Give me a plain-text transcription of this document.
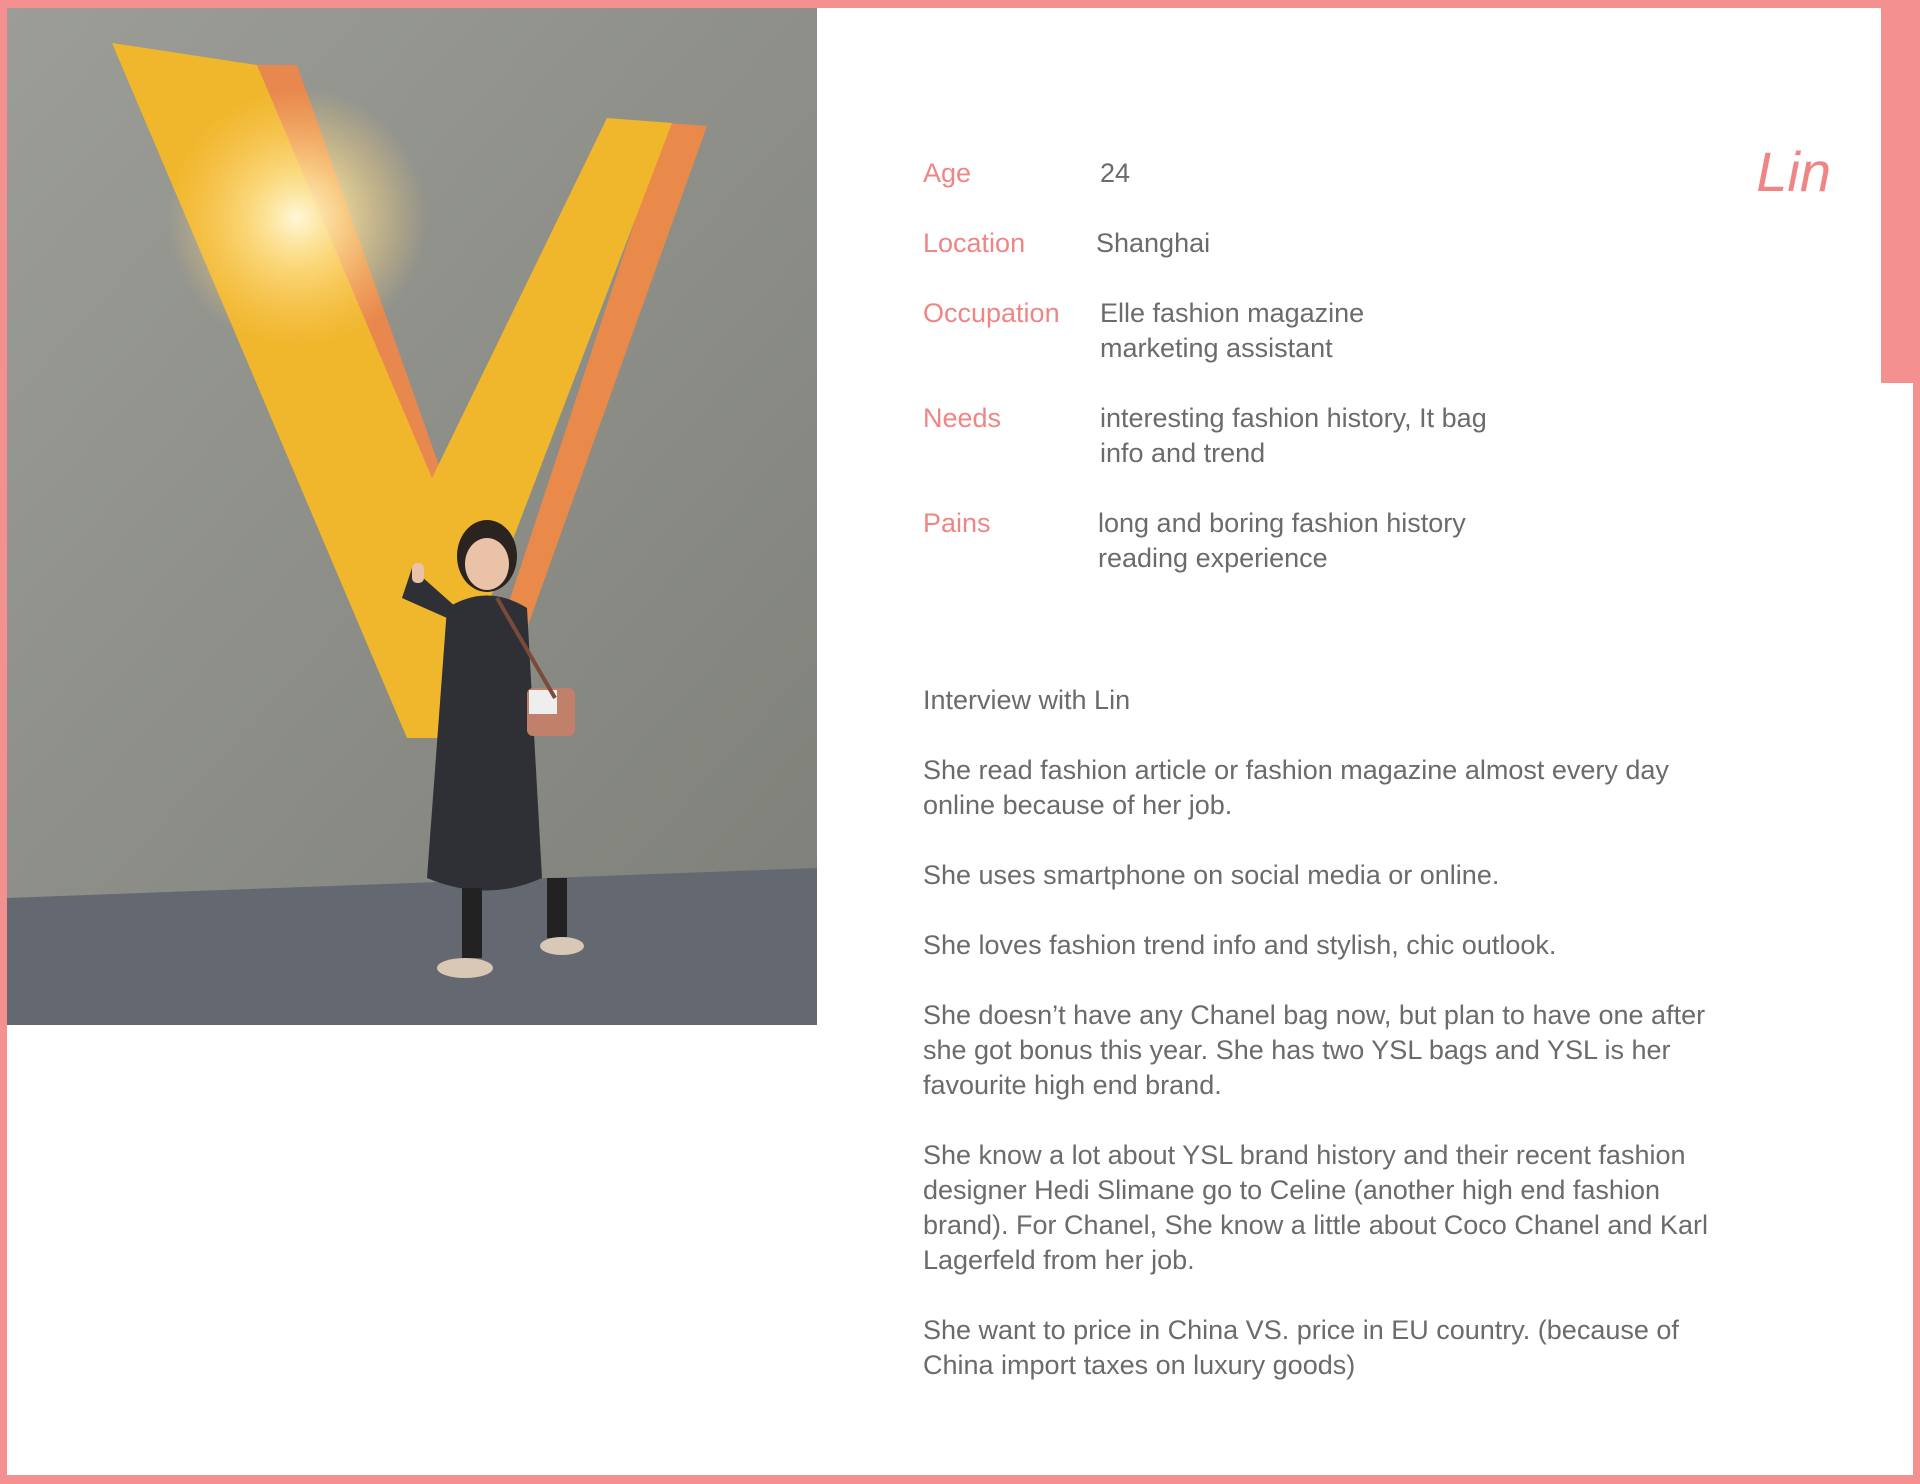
Lin
Age	24
Location	Shanghai
Occupation Elle fashion magazine
marketing assistant
Needs	interesting fashion history, It bag
info and trend
Pains	long and boring fashion history
reading experience

Interview with Lin

She read fashion article or fashion magazine almost every day online because of her job.

She uses smartphone on social media or online.

She loves fashion trend info and stylish, chic outlook.

She doesn’t have any Chanel bag now, but plan to have one after she got bonus this year. She has two YSL bags and YSL is her favourite high end brand.

She know a lot about YSL brand history and their recent fashion designer Hedi Slimane go to Celine (another high end fashion brand). For Chanel, She know a little about Coco Chanel and Karl Lagerfeld from her job.

She want to price in China VS. price in EU country. (because of China import taxes on luxury goods)
